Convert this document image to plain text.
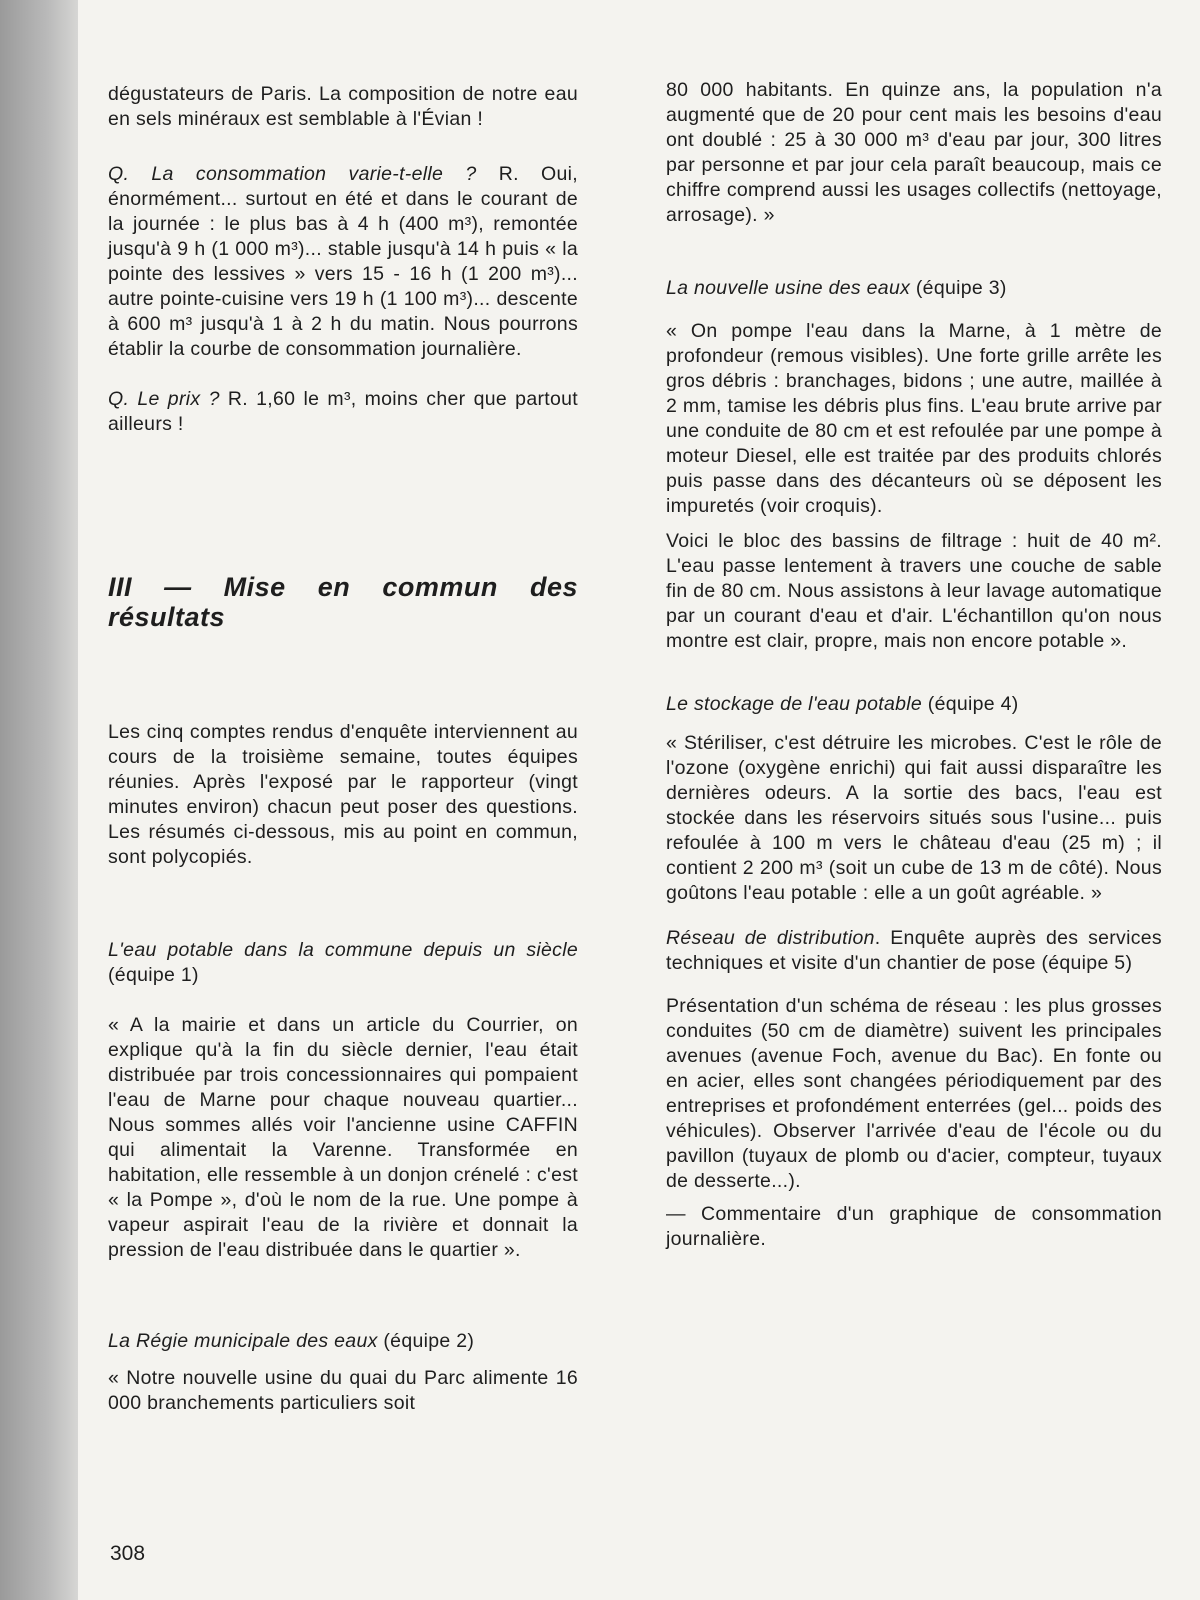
dégustateurs de Paris. La composition de notre eau en sels minéraux est semblable à l'Évian !
Q. La consommation varie-t-elle ? R. Oui, énormément... surtout en été et dans le courant de la journée : le plus bas à 4 h (400 m³), remontée jusqu'à 9 h (1 000 m³)... stable jusqu'à 14 h puis « la pointe des lessives » vers 15 - 16 h (1 200 m³)... autre pointe-cuisine vers 19 h (1 100 m³)... descente à 600 m³ jusqu'à 1 à 2 h du matin. Nous pourrons établir la courbe de consommation journalière.
Q. Le prix ? R. 1,60 le m³, moins cher que partout ailleurs !
III — Mise en commun des résultats
Les cinq comptes rendus d'enquête interviennent au cours de la troisième semaine, toutes équipes réunies. Après l'exposé par le rapporteur (vingt minutes environ) chacun peut poser des questions. Les résumés ci-dessous, mis au point en commun, sont polycopiés.
L'eau potable dans la commune depuis un siècle (équipe 1)
« A la mairie et dans un article du Courrier, on explique qu'à la fin du siècle dernier, l'eau était distribuée par trois concessionnaires qui pompaient l'eau de Marne pour chaque nouveau quartier... Nous sommes allés voir l'ancienne usine CAFFIN qui alimentait la Varenne. Transformée en habitation, elle ressemble à un donjon crénelé : c'est « la Pompe », d'où le nom de la rue. Une pompe à vapeur aspirait l'eau de la rivière et donnait la pression de l'eau distribuée dans le quartier ».
La Régie municipale des eaux (équipe 2)
« Notre nouvelle usine du quai du Parc alimente 16 000 branchements particuliers soit
308
80 000 habitants. En quinze ans, la population n'a augmenté que de 20 pour cent mais les besoins d'eau ont doublé : 25 à 30 000 m³ d'eau par jour, 300 litres par personne et par jour cela paraît beaucoup, mais ce chiffre comprend aussi les usages collectifs (nettoyage, arrosage). »
La nouvelle usine des eaux (équipe 3)
« On pompe l'eau dans la Marne, à 1 mètre de profondeur (remous visibles). Une forte grille arrête les gros débris : branchages, bidons ; une autre, maillée à 2 mm, tamise les débris plus fins. L'eau brute arrive par une conduite de 80 cm et est refoulée par une pompe à moteur Diesel, elle est traitée par des produits chlorés puis passe dans des décanteurs où se déposent les impuretés (voir croquis).
Voici le bloc des bassins de filtrage : huit de 40 m². L'eau passe lentement à travers une couche de sable fin de 80 cm. Nous assistons à leur lavage automatique par un courant d'eau et d'air. L'échantillon qu'on nous montre est clair, propre, mais non encore potable ».
Le stockage de l'eau potable (équipe 4)
« Stériliser, c'est détruire les microbes. C'est le rôle de l'ozone (oxygène enrichi) qui fait aussi disparaître les dernières odeurs. A la sortie des bacs, l'eau est stockée dans les réservoirs situés sous l'usine... puis refoulée à 100 m vers le château d'eau (25 m) ; il contient 2 200 m³ (soit un cube de 13 m de côté). Nous goûtons l'eau potable : elle a un goût agréable. »
Réseau de distribution. Enquête auprès des services techniques et visite d'un chantier de pose (équipe 5)
Présentation d'un schéma de réseau : les plus grosses conduites (50 cm de diamètre) suivent les principales avenues (avenue Foch, avenue du Bac). En fonte ou en acier, elles sont changées périodiquement par des entreprises et profondément enterrées (gel... poids des véhicules). Observer l'arrivée d'eau de l'école ou du pavillon (tuyaux de plomb ou d'acier, compteur, tuyaux de desserte...).
— Commentaire d'un graphique de consommation journalière.
